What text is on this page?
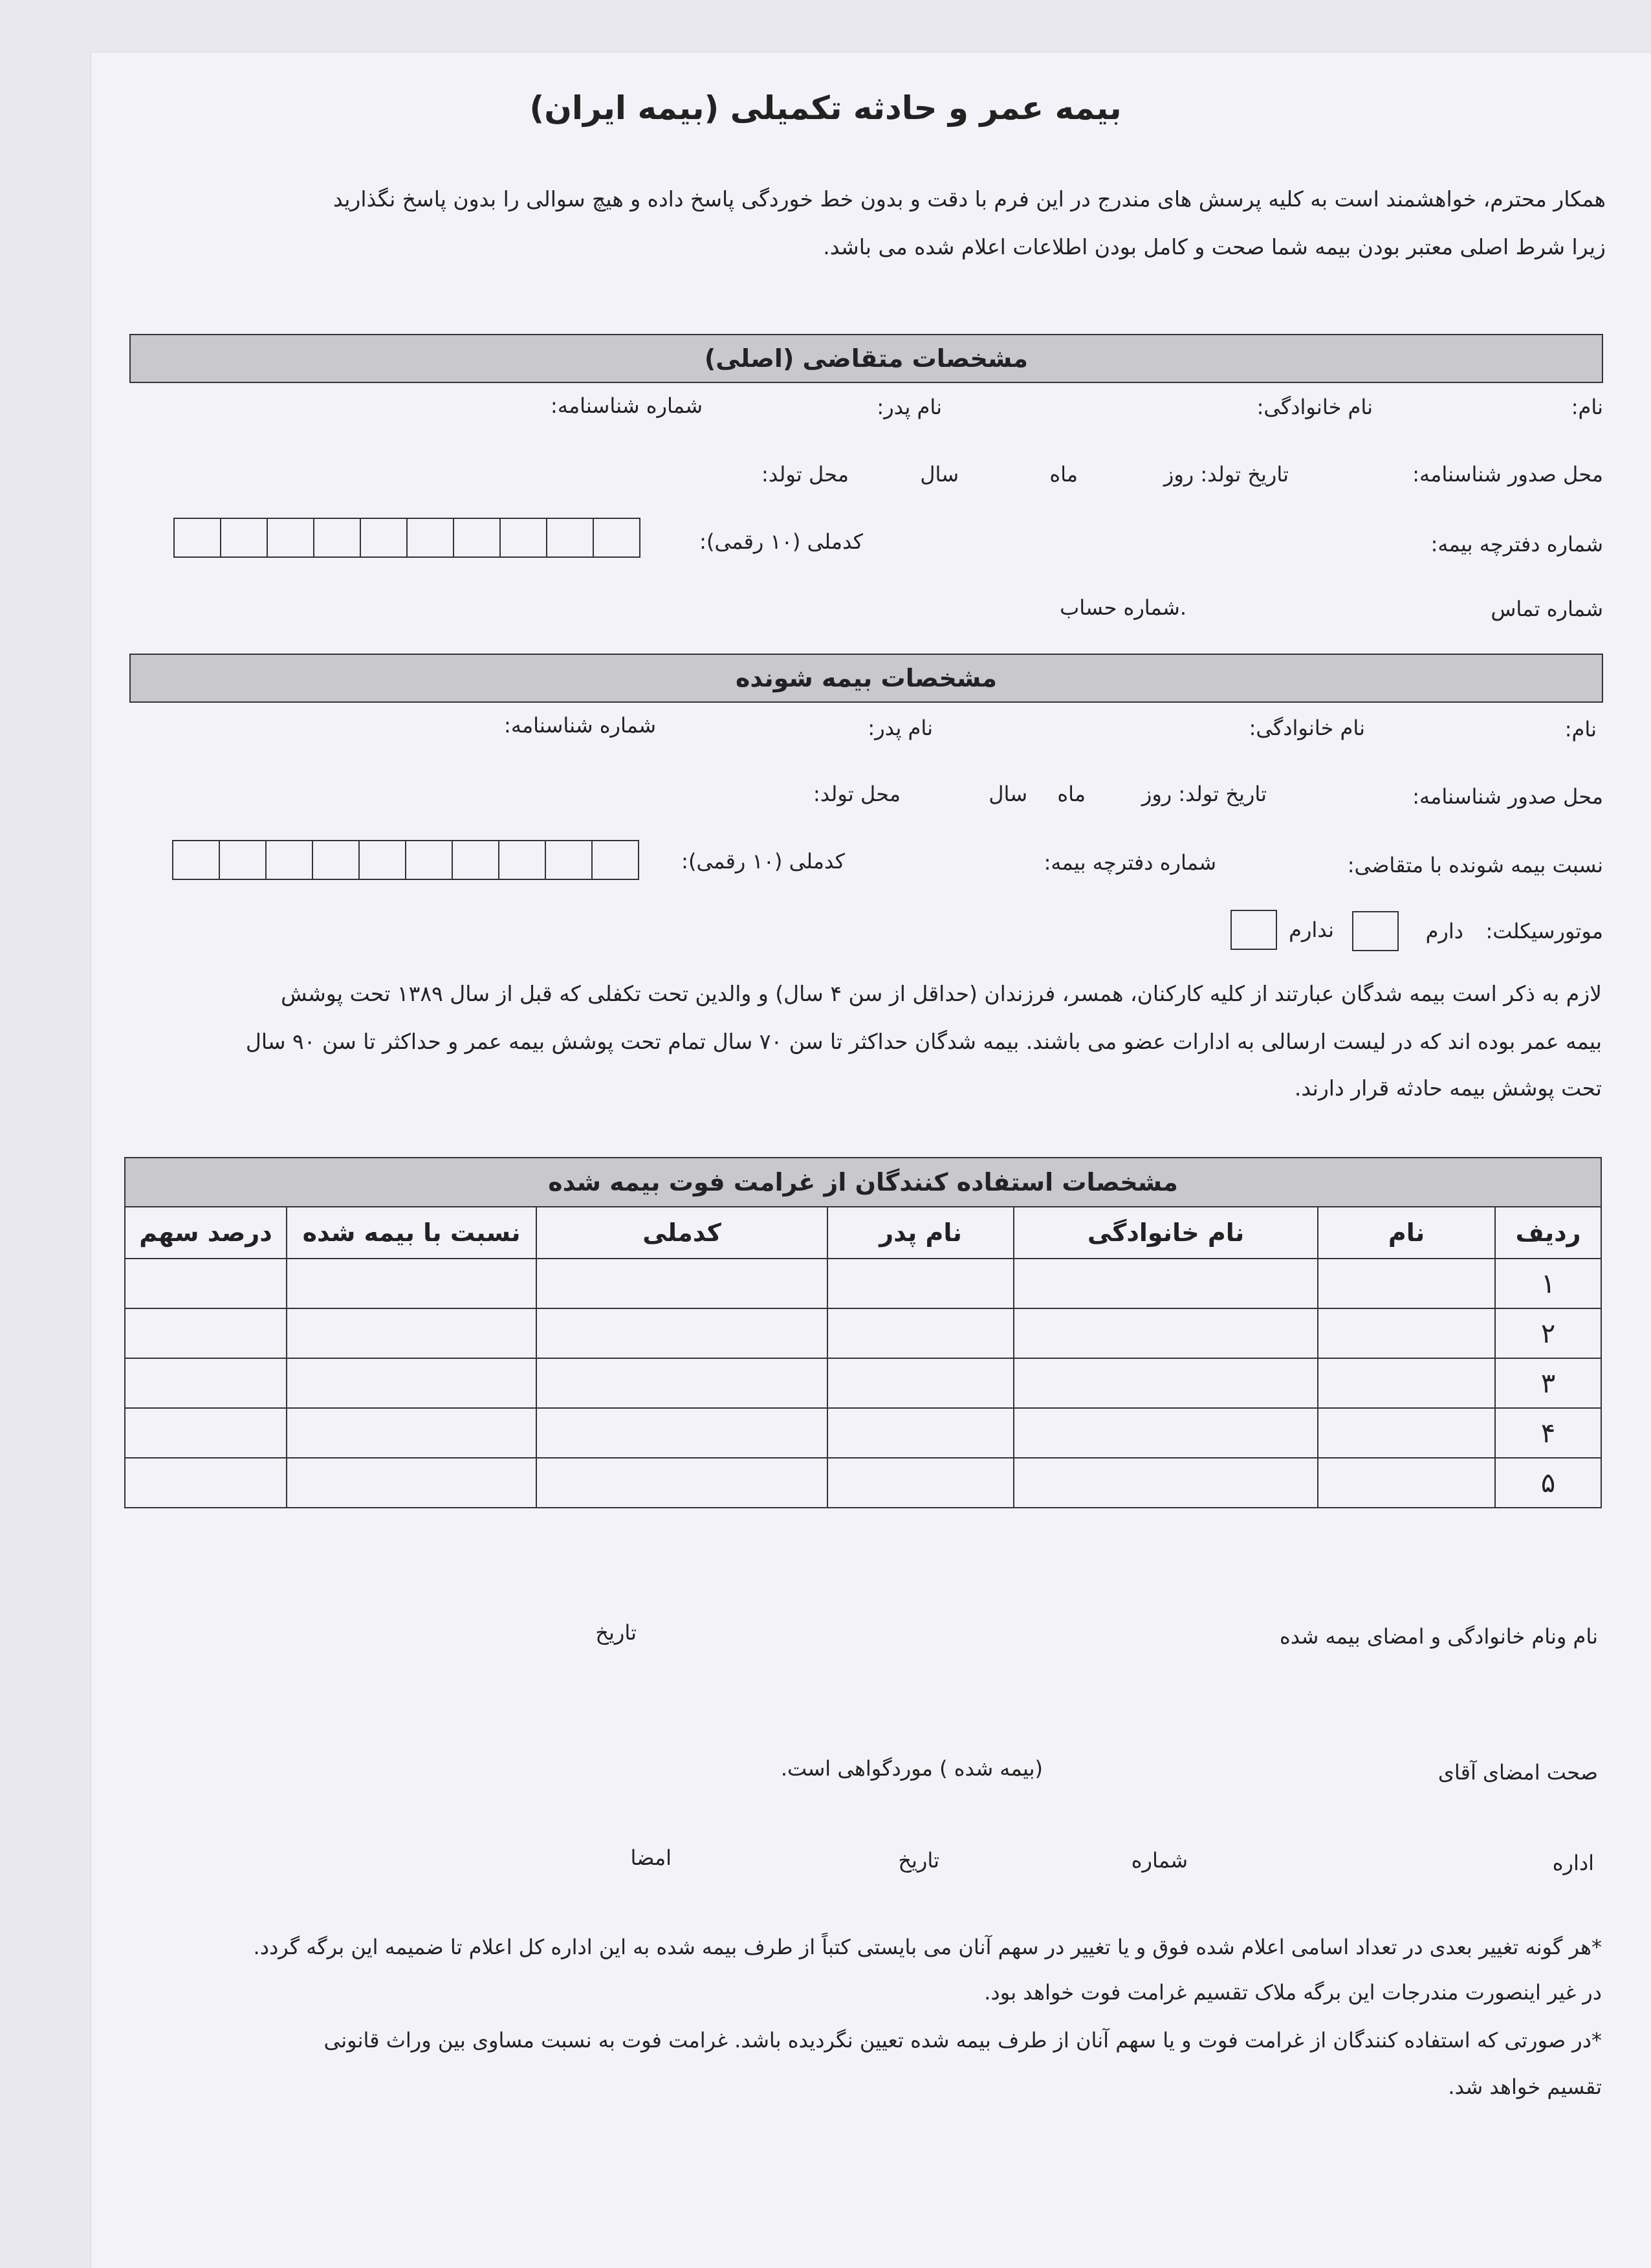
بیمه عمر و حادثه تکمیلی (بیمه ایران)
همکار محترم، خواهشمند است به کلیه پرسش های مندرج در این فرم با دقت و بدون خط خوردگی پاسخ داده و هیچ سوالی را بدون پاسخ نگذارید
زیرا شرط اصلی معتبر بودن بیمه شما صحت و کامل بودن اطلاعات اعلام شده می باشد.
مشخصات متقاضی (اصلی)
نام:
نام خانوادگی:
نام پدر:
شماره شناسنامه:
محل صدور شناسنامه:
تاریخ تولد: روز
ماه
سال
محل تولد:
شماره دفترچه بیمه:
کدملی (۱۰ رقمی):
شماره تماس
.شماره حساب
مشخصات بیمه شونده
نام:
نام خانوادگی:
نام پدر:
شماره شناسنامه:
محل صدور شناسنامه:
تاریخ تولد: روز
ماه
سال
محل تولد:
نسبت بیمه شونده با متقاضی:
شماره دفترچه بیمه:
کدملی (۱۰ رقمی):
موتورسیکلت:
دارم
ندارم
لازم به ذکر است بیمه شدگان عبارتند از کلیه کارکنان، همسر، فرزندان (حداقل از سن ۴ سال) و والدین تحت تکفلی که قبل از سال ۱۳۸۹ تحت پوشش
بیمه عمر بوده اند که در لیست ارسالی به ادارات عضو می باشند. بیمه شدگان حداکثر تا سن ۷۰ سال تمام تحت پوشش بیمه عمر و حداکثر تا سن ۹۰ سال
تحت پوشش بیمه حادثه قرار دارند.
مشخصات استفاده کنندگان از غرامت فوت بیمه شده						
ردیف	نام	نام خانوادگی	نام پدر	کدملی	نسبت با بیمه شده	درصد سهم
۱						
۲						
۳						
۴						
۵						
نام ونام خانوادگی و امضای بیمه شده
تاریخ
صحت امضای آقای
(بیمه شده ) موردگواهی است.
اداره
شماره
تاریخ
امضا
*هر گونه تغییر بعدی در تعداد اسامی اعلام شده فوق و یا تغییر در سهم آنان می بایستی کتباً از طرف بیمه شده به این اداره کل اعلام تا ضمیمه این برگه گردد.
در غیر اینصورت مندرجات این برگه ملاک تقسیم غرامت فوت خواهد بود.
*در صورتی که استفاده کنندگان از غرامت فوت و یا سهم آنان از طرف بیمه شده تعیین نگردیده باشد. غرامت فوت به نسبت مساوی بین وراث قانونی
تقسیم خواهد شد.
